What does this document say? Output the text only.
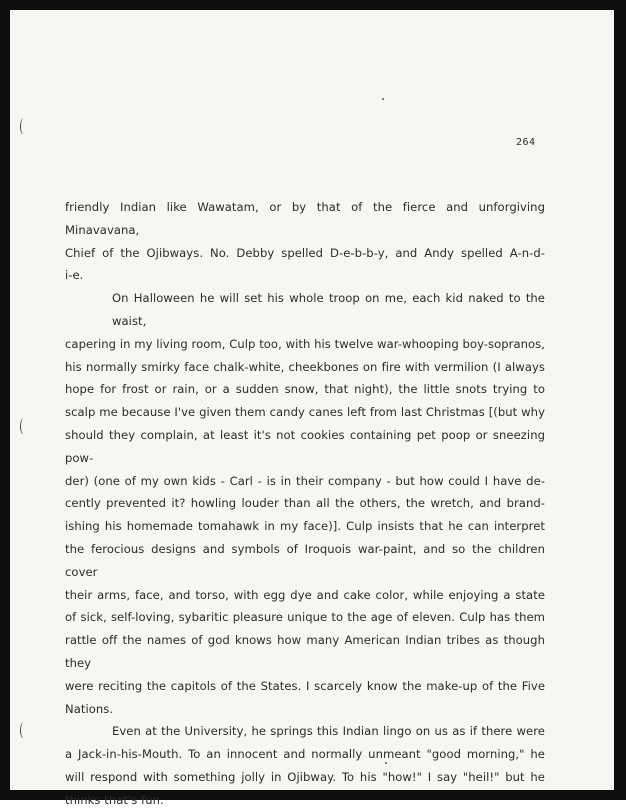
264
friendly Indian like Wawatam, or by that of the fierce and unforgiving Minavavana,
Chief of the Ojibways. No. Debby spelled D-e-b-b-y, and Andy spelled A-n-d-
i-e.
On Halloween he will set his whole troop on me, each kid naked to the waist,
capering in my living room, Culp too, with his twelve war-whooping boy-sopranos,
his normally smirky face chalk-white, cheekbones on fire with vermilion (I always
hope for frost or rain, or a sudden snow, that night), the little snots trying to
scalp me because I've given them candy canes left from last Christmas [(but why
should they complain, at least it's not cookies containing pet poop or sneezing pow-
der) (one of my own kids - Carl - is in their company - but how could I have de-
cently prevented it? howling louder than all the others, the wretch, and brand-
ishing his homemade tomahawk in my face)]. Culp insists that he can interpret
the ferocious designs and symbols of Iroquois war-paint, and so the children cover
their arms, face, and torso, with egg dye and cake color, while enjoying a state
of sick, self-loving, sybaritic pleasure unique to the age of eleven. Culp has them
rattle off the names of god knows how many American Indian tribes as though they
were reciting the capitols of the States. I scarcely know the make-up of the Five
Nations.
Even at the University, he springs this Indian lingo on us as if there were
a Jack-in-his-Mouth. To an innocent and normally unmeant "good morning," he
will respond with something jolly in Ojibway. To his "how!" I say "heil!" but he
thinks that's fun.
